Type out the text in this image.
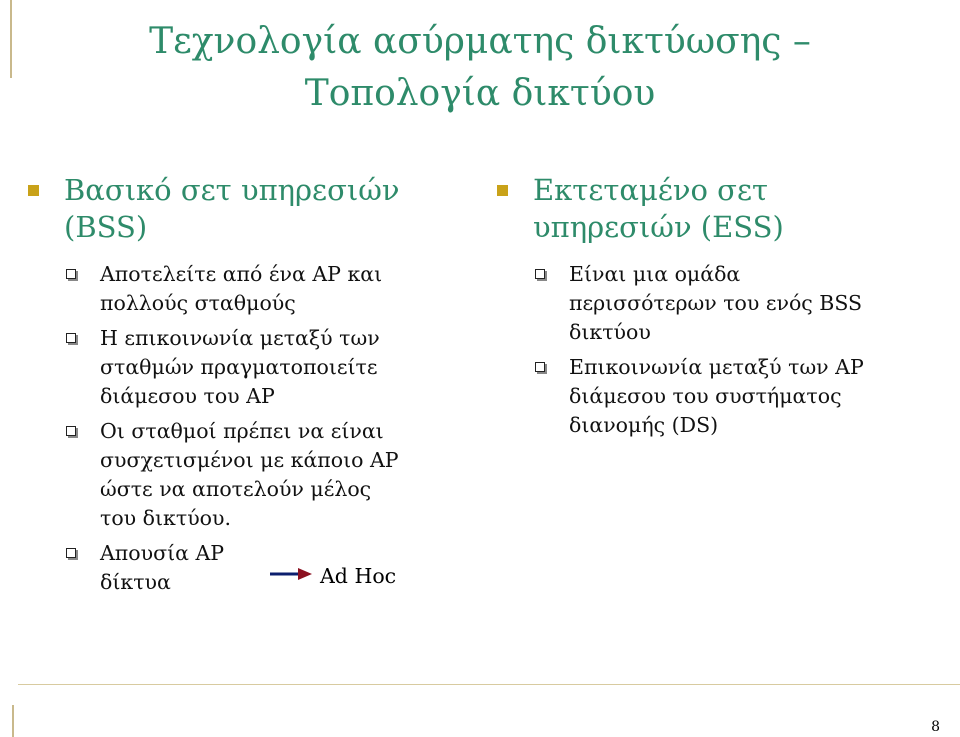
Τεχνολογία ασύρματης δικτύωσης –
Τοπολογία δικτύου
Βασικό σετ υπηρεσιών
(BSS)
Αποτελείτε από ένα AP και
πολλούς σταθμούς
Η επικοινωνία μεταξύ των
σταθμών πραγματοποιείτε
διάμεσου του AP
Οι σταθμοί πρέπει να είναι
συσχετισμένοι με κάποιο AP
ώστε να αποτελούν μέλος
του δικτύου.
Απουσία AP
δίκτυα	Ad Hoc
Εκτεταμένο σετ
υπηρεσιών (ESS)
Είναι μια ομάδα
περισσότερων του ενός BSS
δικτύου
Επικοινωνία μεταξύ των AP
διάμεσου του συστήματος
διανομής (DS)
8
